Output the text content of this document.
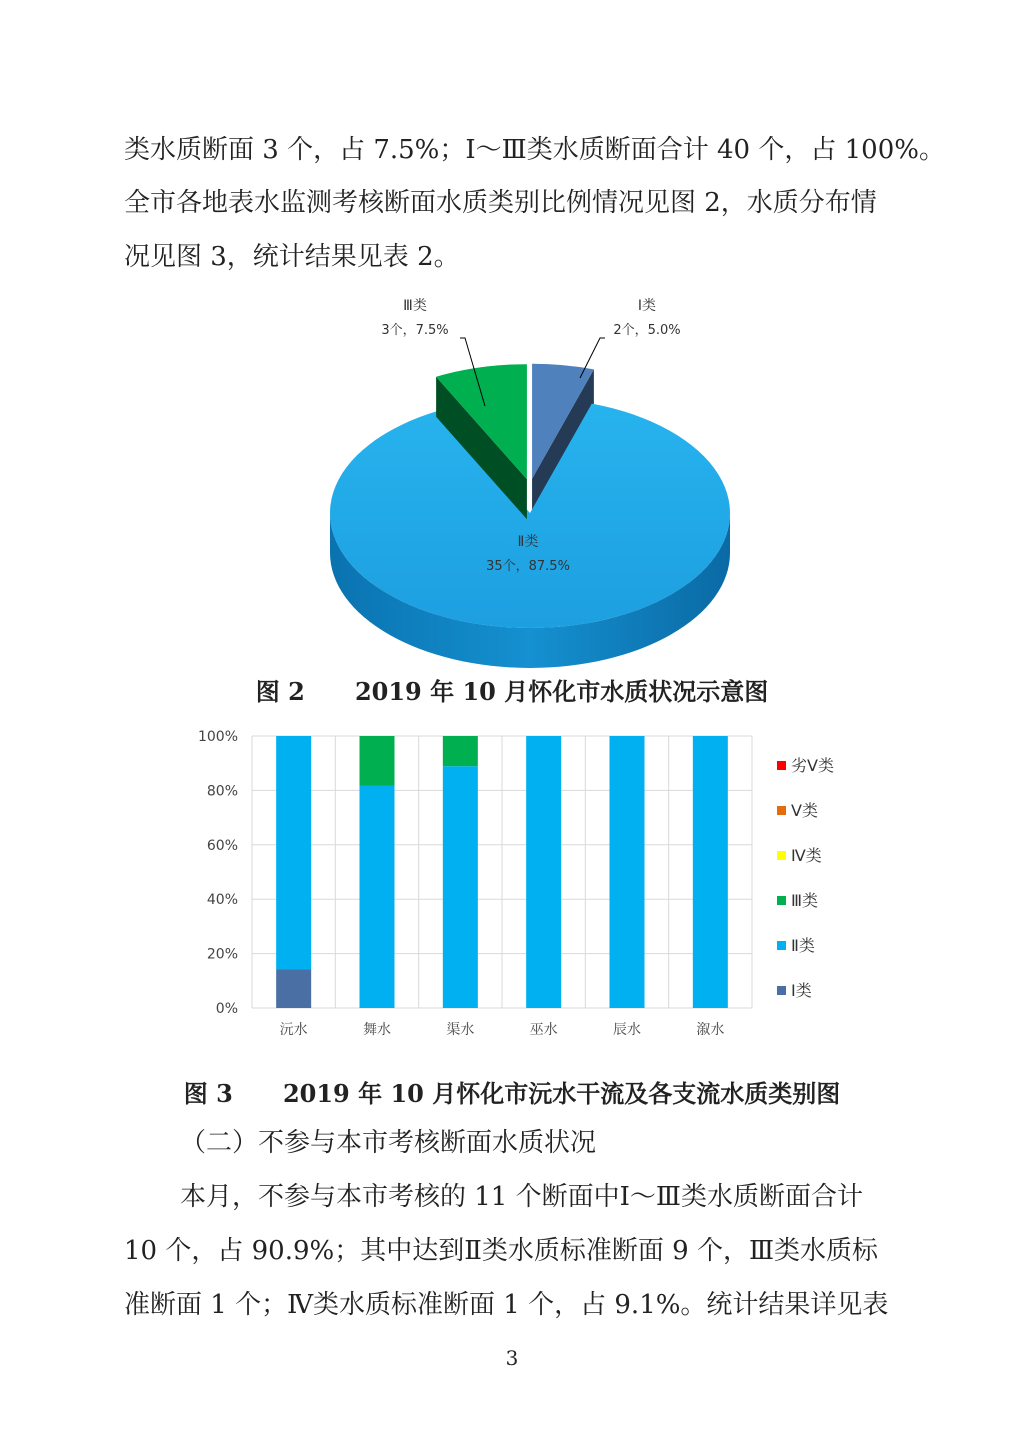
类水质断面 3 个，占 7.5%；Ⅰ～Ⅲ类水质断面合计 40 个，占 100%。
全市各地表水监测考核断面水质类别比例情况见图 2，水质分布情
况见图 3，统计结果见表 2。
Ⅲ类
3个，7.5%
Ⅰ类
2个，5.0%
Ⅱ类
35个，87.5%
图 2      2019 年 10 月怀化市水质状况示意图
0%
20%
40%
60%
80%
100%
沅水	舞水	渠水	巫水	辰水	溆水
劣Ⅴ类
Ⅴ类
Ⅳ类
Ⅲ类
Ⅱ类
Ⅰ类
图 3      2019 年 10 月怀化市沅水干流及各支流水质类别图
（二）不参与本市考核断面水质状况
本月，不参与本市考核的 11 个断面中Ⅰ～Ⅲ类水质断面合计
10 个，占 90.9%；其中达到Ⅱ类水质标准断面 9 个，Ⅲ类水质标
准断面 1 个；Ⅳ类水质标准断面 1 个，占 9.1%。统计结果详见表
3
